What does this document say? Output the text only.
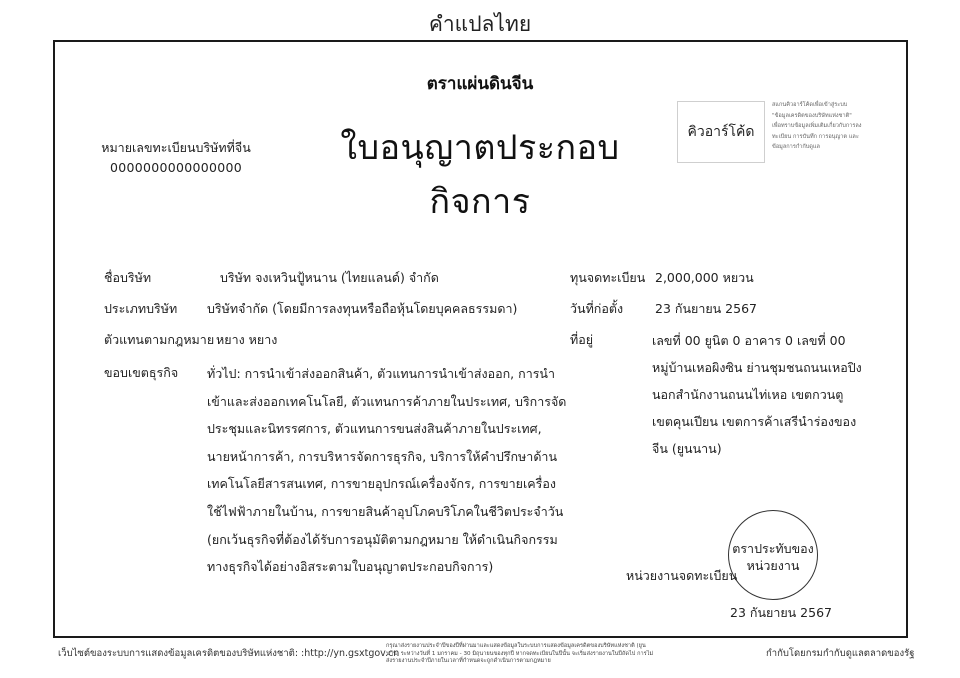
คำแปลไทย
ตราแผ่นดินจีน
ใบอนุญาตประกอบกิจการ
หมายเลขทะเบียนบริษัทที่จีน
0000000000000000
คิวอาร์โค้ด
สแกนคิวอาร์โค้ดเพื่อเข้าสู่ระบบ
"ข้อมูลเครดิตของบริษัทแห่งชาติ"
เพื่อทราบข้อมูลเพิ่มเติมเกี่ยวกับการลง
ทะเบียน การบันทึก การอนุญาต และ
ข้อมูลการกำกับดูแล
ชื่อบริษัท	บริษัท จงเหวินปู้หนาน (ไทยแลนด์) จำกัด
ประเภทบริษัท บริษัทจำกัด (โดยมีการลงทุนหรือถือหุ้นโดยบุคคลธรรมดา)
ตัวแทนตามกฎหมาย หยาง หยาง
ขอบเขตธุรกิจ ทั่วไป: การนำเข้าส่งออกสินค้า, ตัวแทนการนำเข้าส่งออก, การนำเข้าและส่งออกเทคโนโลยี, ตัวแทนการค้าภายในประเทศ, บริการจัดประชุมและนิทรรศการ, ตัวแทนการขนส่งสินค้าภายในประเทศ, นายหน้าการค้า, การบริหารจัดการธุรกิจ, บริการให้คำปรึกษาด้านเทคโนโลยีสารสนเทศ, การขายอุปกรณ์เครื่องจักร, การขายเครื่องใช้ไฟฟ้าภายในบ้าน, การขายสินค้าอุปโภคบริโภคในชีวิตประจำวัน (ยกเว้นธุรกิจที่ต้องได้รับการอนุมัติตามกฎหมาย ให้ดำเนินกิจกรรมทางธุรกิจได้อย่างอิสระตามใบอนุญาตประกอบกิจการ)
ทุนจดทะเบียน 2,000,000 หยวน
วันที่ก่อตั้ง	23 กันยายน 2567
ที่อยู่	เลขที่ 00 ยูนิต 0 อาคาร 0 เลขที่ 00 หมู่บ้านเหอผิงซิน ย่านชุมชนถนนเหอปิงนอกสำนักงานถนนไท่เหอ เขตกวนตู เขตคุนเปียน เขตการค้าเสรีนำร่องของจีน (ยูนนาน)
ตราประทับของ
หน่วยงาน
หน่วยงานจดทะเบียน
23 กันยายน 2567
เว็บไซต์ของระบบการแสดงข้อมูลเครดิตของบริษัทแห่งชาติ: :http://yn.gsxtgov.cn
กรุณาส่งรายงานประจำปีของปีที่ผ่านมาและแสดงข้อมูลในระบบการแสดงข้อมูลเครดิตของบริษัทแห่งชาติ (ยูนนาน) ระหว่างวันที่ 1 มกราคม - 30 มิถุนายนของทุกปี หากจดทะเบียนในปีนั้น จะเริ่มส่งรายงานในปีถัดไป การไม่ส่งรายงานประจำปีภายในเวลาที่กำหนดจะถูกดำเนินการตามกฎหมาย
กำกับโดยกรมกำกับดูแลตลาดของรัฐ
